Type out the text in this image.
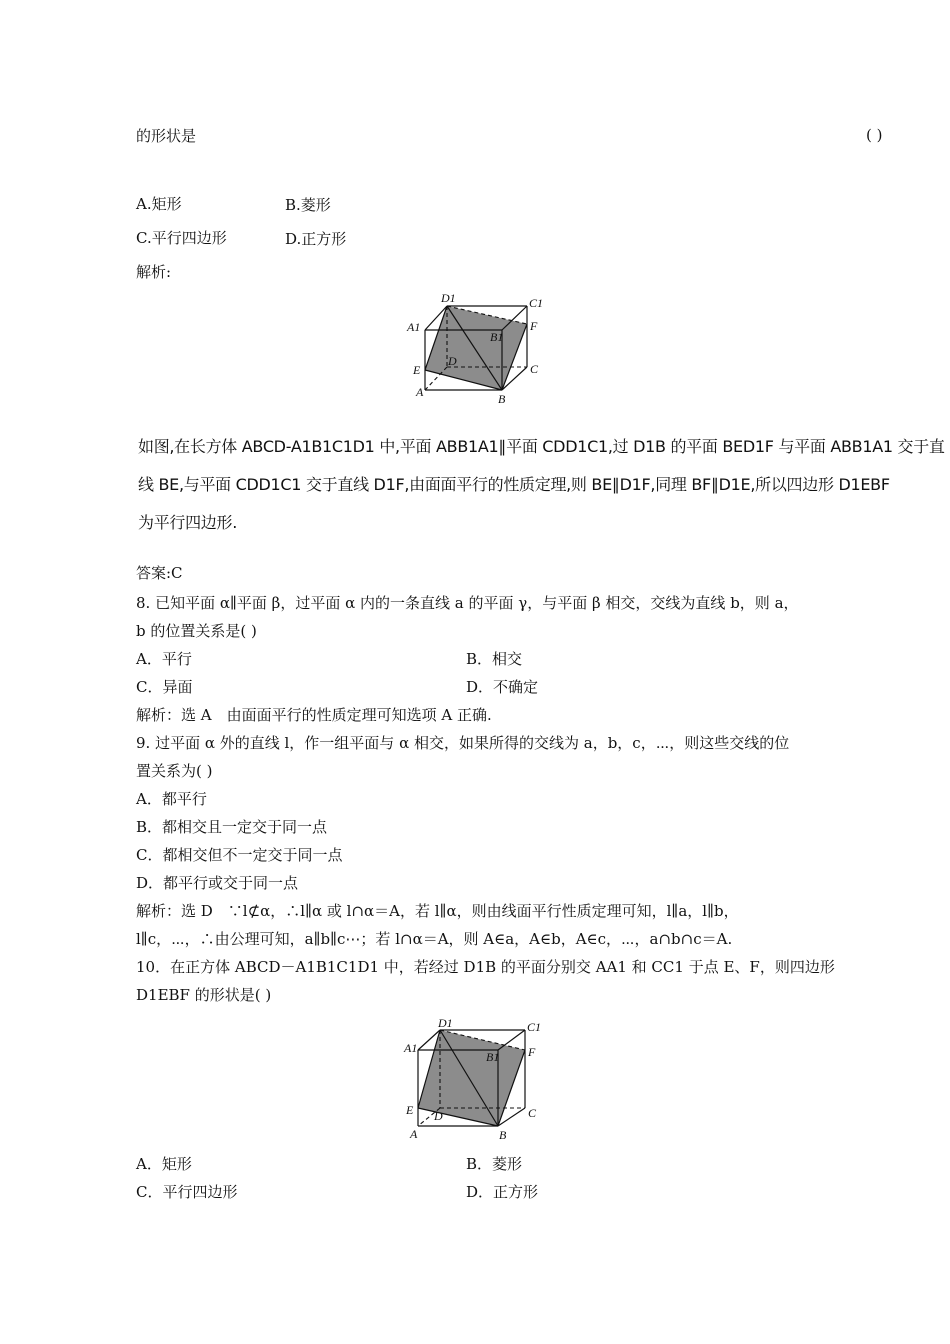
的形状是	( )
A.矩形	B.菱形
C.平行四边形	D.正方形
解析:
D1	C1
A1
B1
F
D
E	C
A	B
如图,在长方体 ABCD-A1B1C1D1 中,平面 ABB1A1∥平面 CDD1C1,过 D1B 的平面 BED1F 与平面 ABB1A1 交于直
线 BE,与平面 CDD1C1 交于直线 D1F,由面面平行的性质定理,则 BE∥D1F,同理 BF∥D1E,所以四边形 D1EBF
为平行四边形.
答案:C
8. 已知平面 α∥平面 β，过平面 α 内的一条直线 a 的平面 γ，与平面 β 相交，交线为直线 b，则 a，
b 的位置关系是( )
A．平行	B．相交
C．异面	D．不确定
解析：选 A　由面面平行的性质定理可知选项 A 正确.
9. 过平面 α 外的直线 l，作一组平面与 α 相交，如果所得的交线为 a，b，c，⋯，则这些交线的位
置关系为( )
A．都平行
B．都相交且一定交于同一点
C．都相交但不一定交于同一点
D．都平行或交于同一点
解析：选 D　∵l⊄α，∴l∥α 或 l∩α＝A，若 l∥α，则由线面平行性质定理可知，l∥a，l∥b，
l∥c，⋯，∴由公理可知，a∥b∥c⋯；若 l∩α＝A，则 A∈a，A∈b，A∈c，⋯，a∩b∩c＝A.
10．在正方体 ABCD－A1B1C1D1 中，若经过 D1B 的平面分别交 AA1 和 CC1 于点 E、F，则四边形
D1EBF 的形状是( )
D1	C1
A1
B1 F
E D	C
A	B
A．矩形	B．菱形
C．平行四边形	D．正方形
